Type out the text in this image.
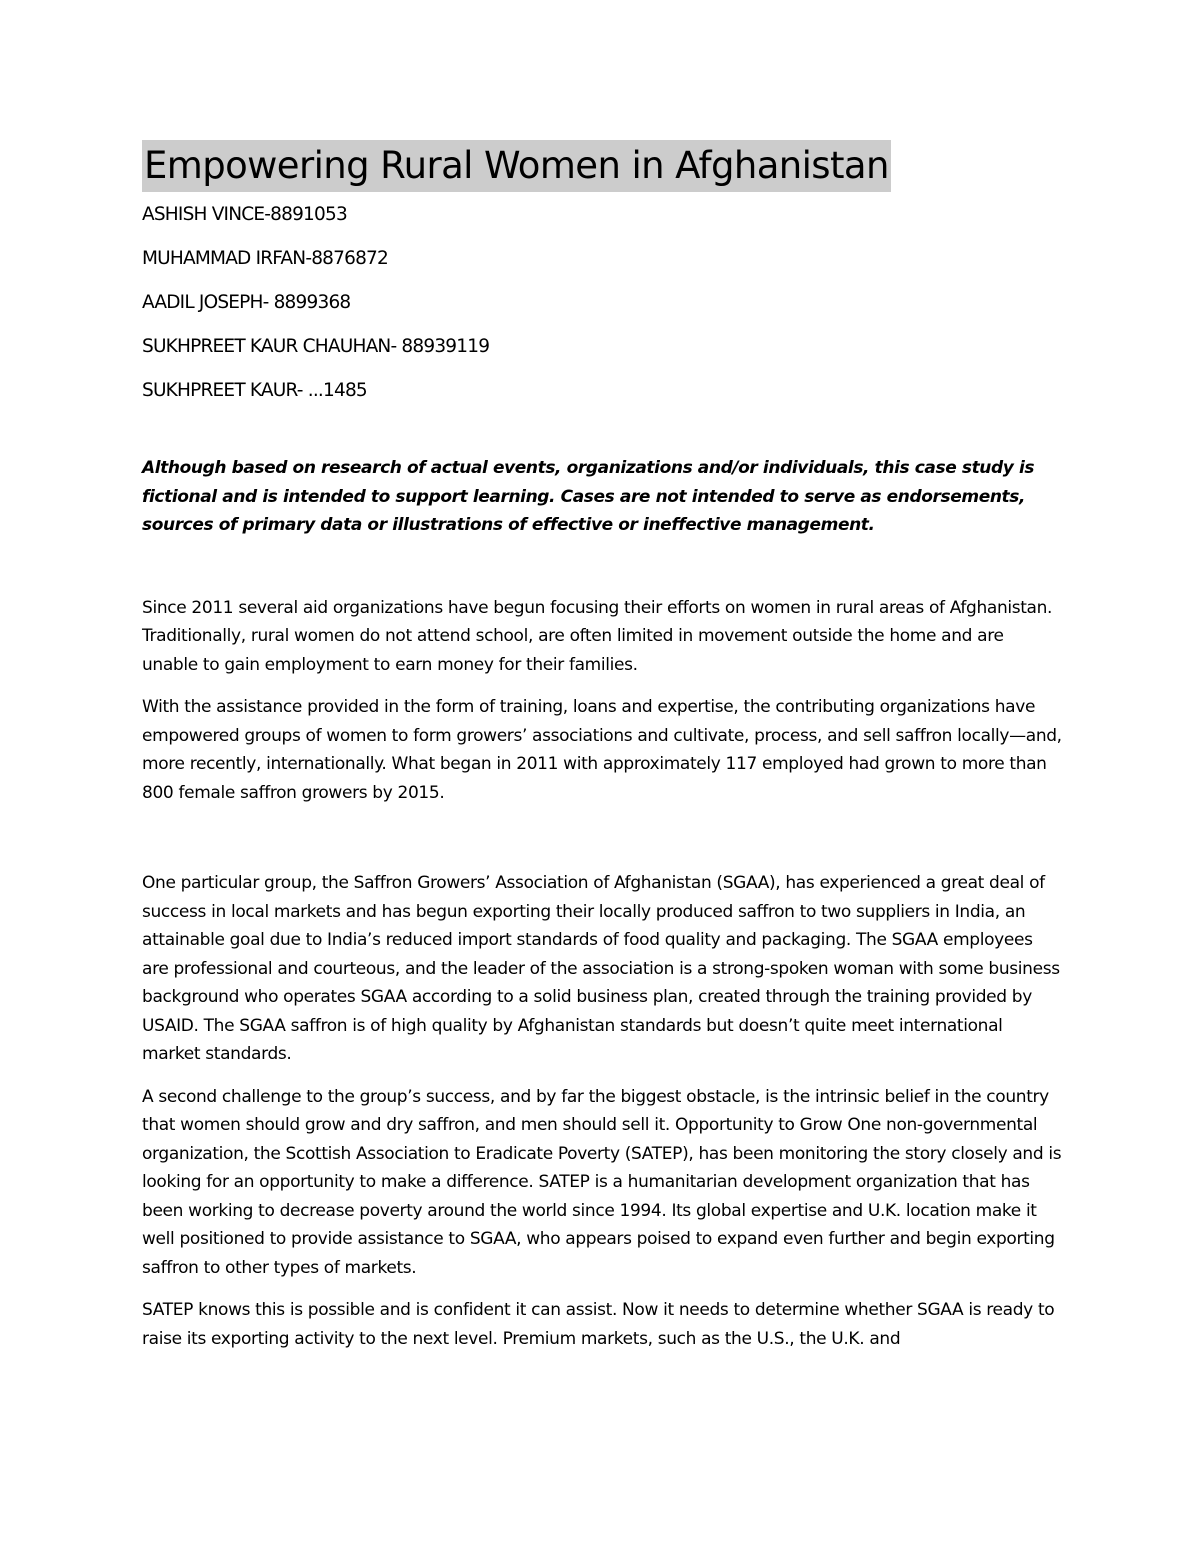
Empowering Rural Women in Afghanistan
ASHISH VINCE-8891053
MUHAMMAD IRFAN-8876872
AADIL JOSEPH- 8899368
SUKHPREET KAUR CHAUHAN- 88939119
SUKHPREET KAUR- ...1485
Although based on research of actual events, organizations and/or individuals, this case study is fictional and is intended to support learning. Cases are not intended to serve as endorsements, sources of primary data or illustrations of effective or ineffective management.
Since 2011 several aid organizations have begun focusing their efforts on women in rural areas of Afghanistan. Traditionally, rural women do not attend school, are often limited in movement outside the home and are unable to gain employment to earn money for their families.
With the assistance provided in the form of training, loans and expertise, the contributing organizations have empowered groups of women to form growers’ associations and cultivate, process, and sell saffron locally—and, more recently, internationally. What began in 2011 with approximately 117 employed had grown to more than 800 female saffron growers by 2015.
One particular group, the Saffron Growers’ Association of Afghanistan (SGAA), has experienced a great deal of success in local markets and has begun exporting their locally produced saffron to two suppliers in India, an attainable goal due to India’s reduced import standards of food quality and packaging. The SGAA employees are professional and courteous, and the leader of the association is a strong-spoken woman with some business background who operates SGAA according to a solid business plan, created through the training provided by USAID. The SGAA saffron is of high quality by Afghanistan standards but doesn’t quite meet international market standards.
A second challenge to the group’s success, and by far the biggest obstacle, is the intrinsic belief in the country that women should grow and dry saffron, and men should sell it. Opportunity to Grow One non-governmental organization, the Scottish Association to Eradicate Poverty (SATEP), has been monitoring the story closely and is looking for an opportunity to make a difference. SATEP is a humanitarian development organization that has been working to decrease poverty around the world since 1994. Its global expertise and U.K. location make it well positioned to provide assistance to SGAA, who appears poised to expand even further and begin exporting saffron to other types of markets.
SATEP knows this is possible and is confident it can assist. Now it needs to determine whether SGAA is ready to raise its exporting activity to the next level. Premium markets, such as the U.S., the U.K. and
